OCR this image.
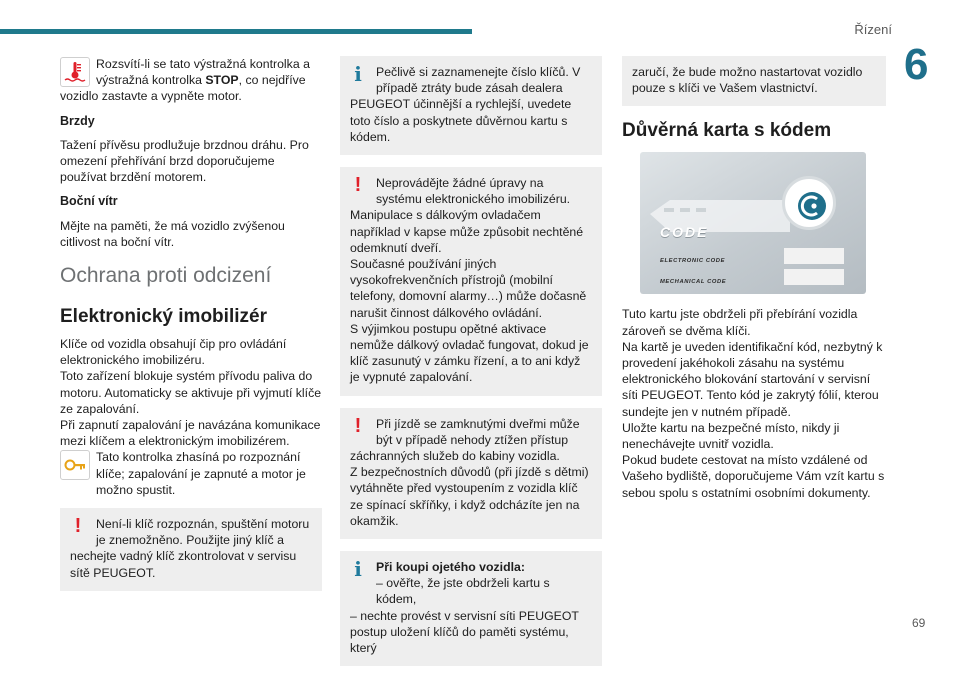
Řízení
6

Rozsvítí-li se tato výstražná kontrolka a

výstražná kontrolka STOP, co nejdříve

vozidlo zastavte a vypněte motor.

Brzdy

Tažení přívěsu prodlužuje brzdnou dráhu. Pro omezení přehřívání brzd doporučujeme používat brzdění motorem.

Boční vítr

Mějte na paměti, že má vozidlo zvýšenou citlivost na boční vítr.

Ochrana proti odcizení
Elektronický imobilizér

Klíče od vozidla obsahují čip pro ovládání elektronického imobilizéru.

Toto zařízení blokuje systém přívodu paliva do motoru. Automaticky se aktivuje při vyjmutí klíče ze zapalování.

Při zapnutí zapalování je navázána komunikace mezi klíčem a elektronickým imobilizérem.

Tato kontrolka zhasíná po rozpoznání klíče; zapalování je zapnuté a motor je možno spustit.

!	Není-li klíč rozpoznán, spuštění motoru je znemožněno. Použijte jiný klíč a

nechejte vadný klíč zkontrolovat v servisu sítě PEUGEOT.

i	Pečlivě si zaznamenejte číslo klíčů. V případě ztráty bude zásah dealera

PEUGEOT účinnější a rychlejší, uvedete toto číslo a poskytnete důvěrnou kartu s kódem.

!	Neprovádějte žádné úpravy na systému elektronického imobilizéru.

Manipulace s dálkovým ovladačem například v kapse může způsobit nechtěné odemknutí dveří.

Současné používání jiných vysokofrekvenčních přístrojů (mobilní telefony, domovní alarmy…) může dočasně narušit činnost dálkového ovládání.

S výjimkou postupu opětné aktivace nemůže dálkový ovladač fungovat, dokud je klíč zasunutý v zámku řízení, a to ani když je vypnuté zapalování.

!	Při jízdě se zamknutými dveřmi může být v případě nehody ztížen přístup

záchranných služeb do kabiny vozidla.

Z bezpečnostních důvodů (při jízdě s dětmi) vytáhněte před vystoupením z vozidla klíč ze spínací skříňky, i když odcházíte jen na okamžik.

i	Při koupi ojetého vozidla:

– ověřte, že jste obdrželi kartu s kódem,

– nechte provést v servisní síti PEUGEOT postup uložení klíčů do paměti systému, který

zaručí, že bude možno nastartovat vozidlo pouze s klíči ve Vašem vlastnictví.

Důvěrná karta s kódem
CODE
ELECTRONIC CODE
MECHANICAL CODE

Tuto kartu jste obdrželi při přebírání vozidla zároveň se dvěma klíči.

Na kartě je uveden identifikační kód, nezbytný k provedení jakéhokoli zásahu na systému elektronického blokování startování v servisní síti PEUGEOT. Tento kód je zakrytý fólií, kterou sundejte jen v nutném případě.

Uložte kartu na bezpečné místo, nikdy ji nenechávejte uvnitř vozidla.

Pokud budete cestovat na místo vzdálené od Vašeho bydliště, doporučujeme Vám vzít kartu s sebou spolu s ostatními osobními dokumenty.

69
